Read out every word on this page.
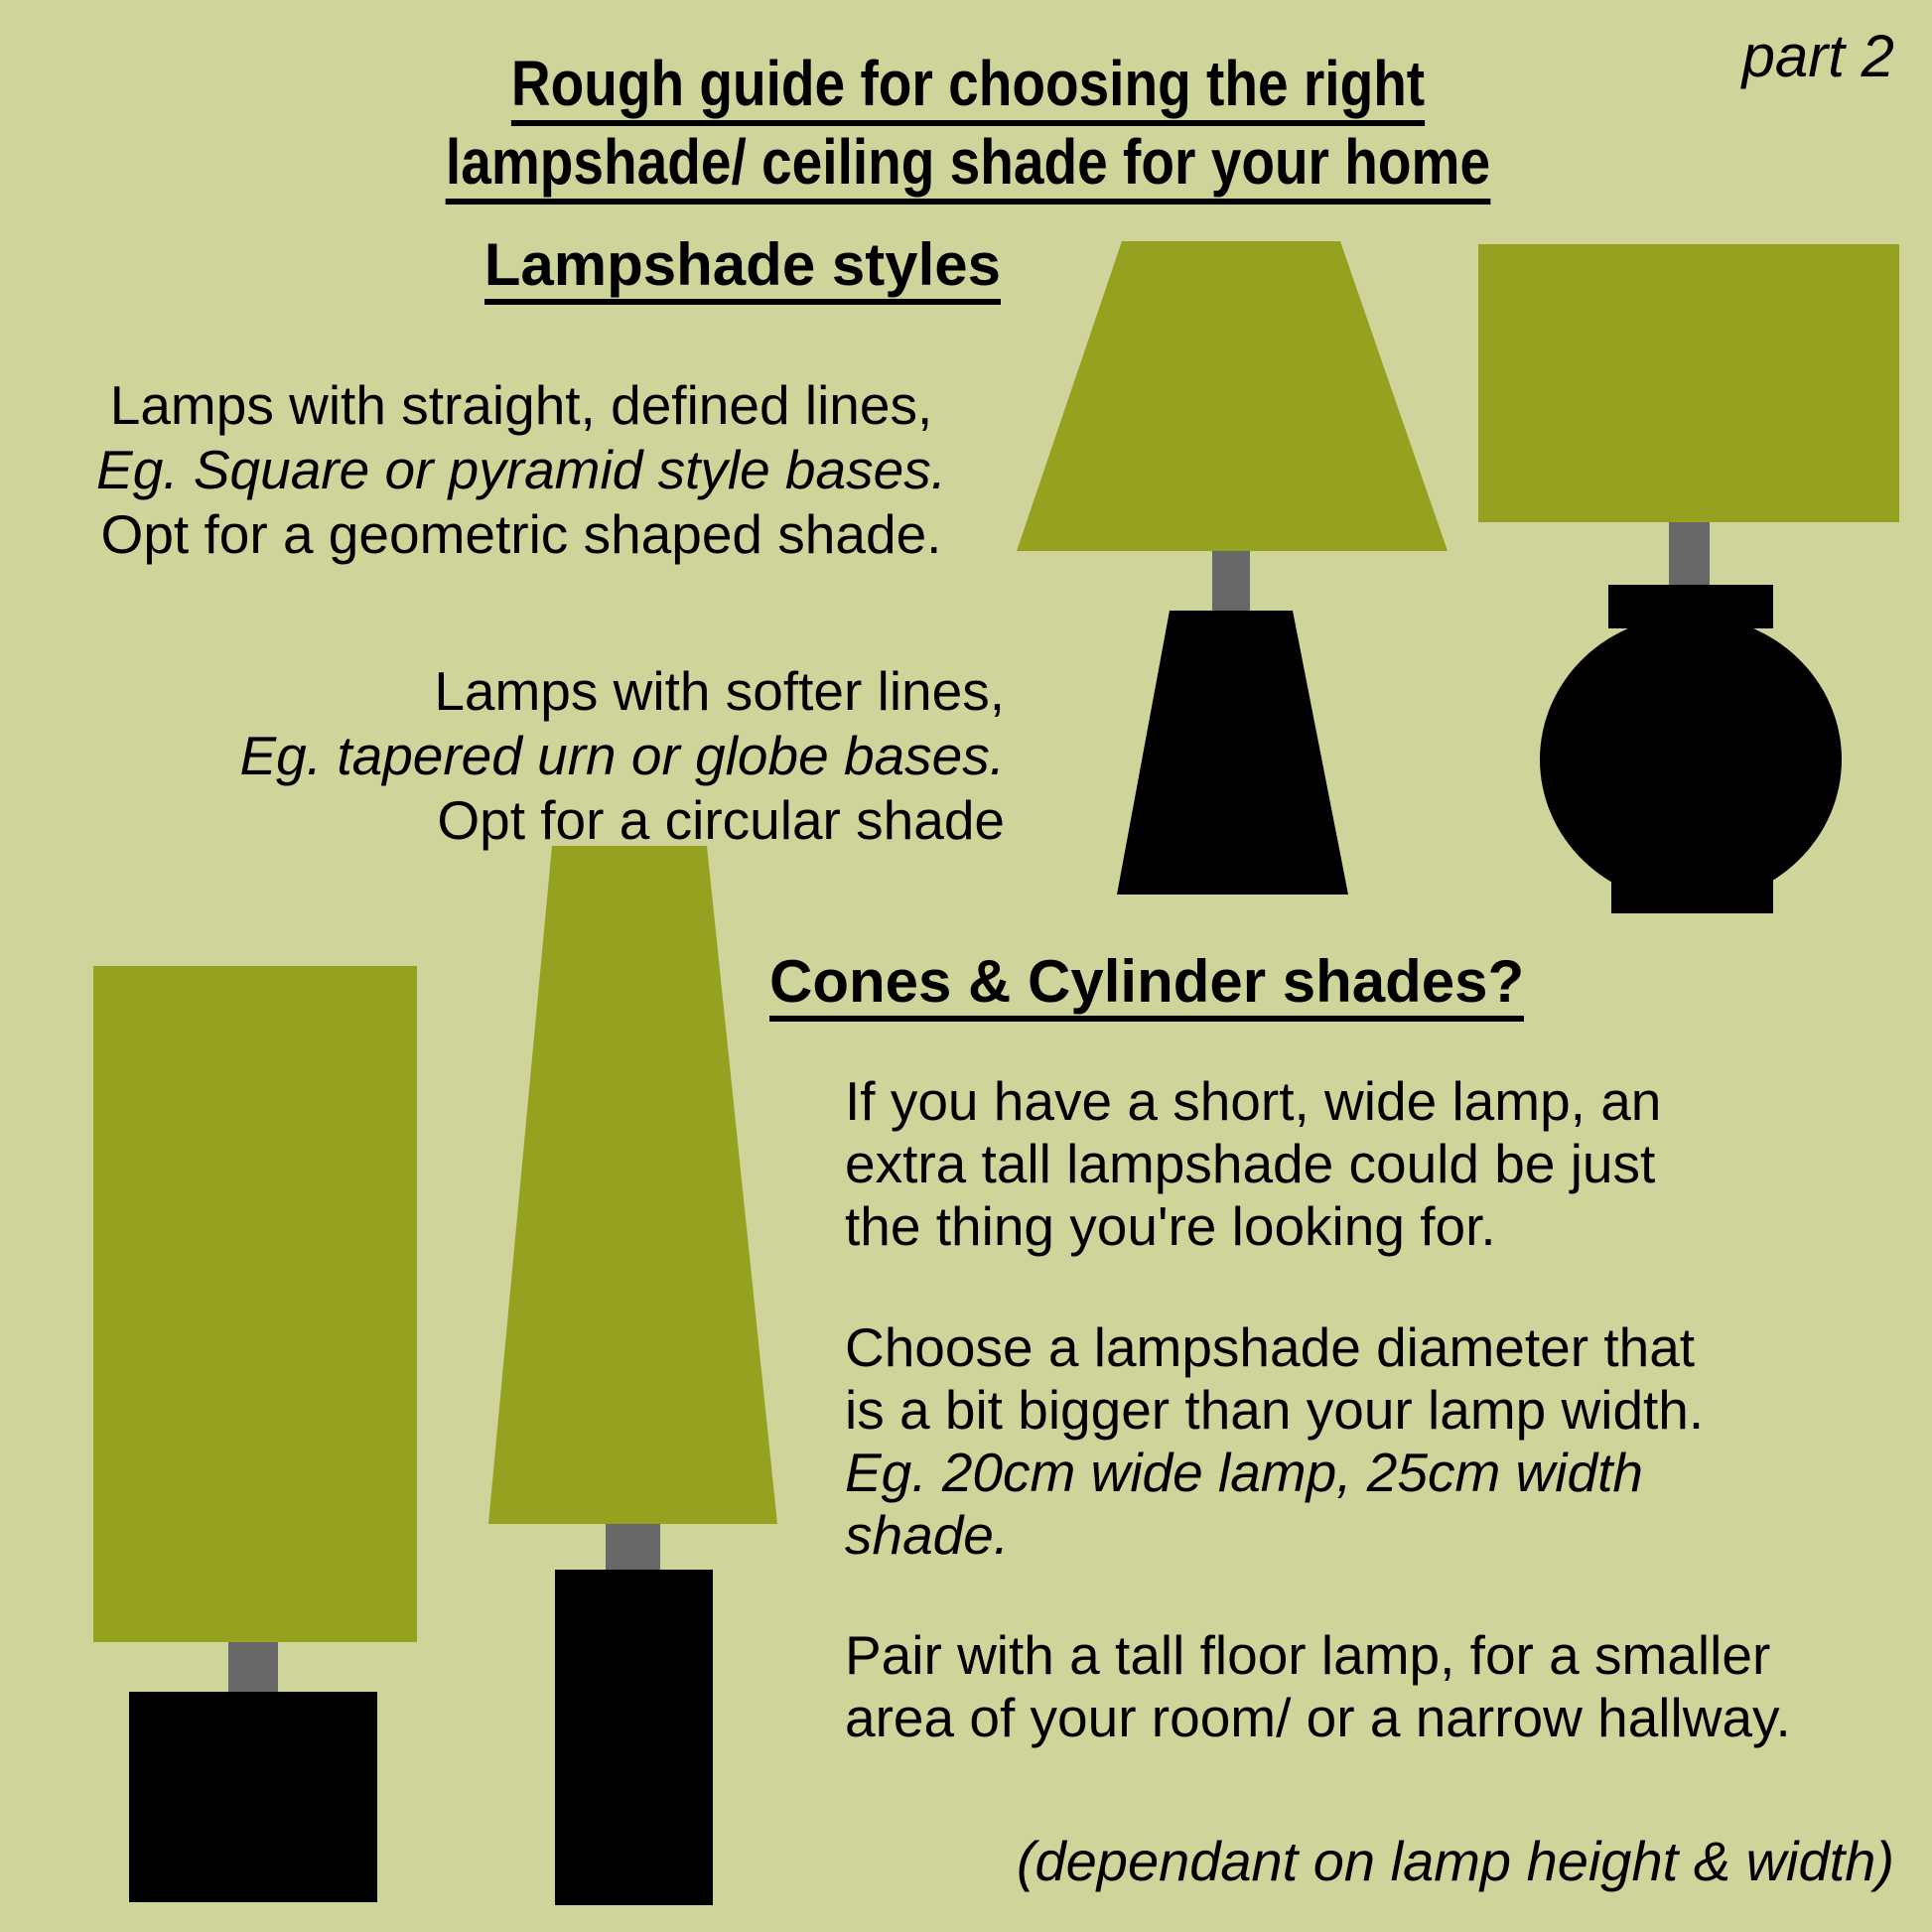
Rough guide for choosing the right
lampshade/ ceiling shade for your home
part 2
Lampshade styles
Lamps with straight, defined lines,
Eg. Square or pyramid style bases.
Opt for a geometric shaped shade.
Lamps with softer lines,
Eg. tapered urn or globe bases.
Opt for a circular shade
Cones & Cylinder shades?
If you have a short, wide lamp, an
extra tall lampshade could be just
the thing you're looking for.
Choose a lampshade diameter that
is a bit bigger than your lamp width.
Eg. 20cm wide lamp, 25cm width
shade.
Pair with a tall floor lamp, for a smaller
area of your room/ or a narrow hallway.
(dependant on lamp height & width)
